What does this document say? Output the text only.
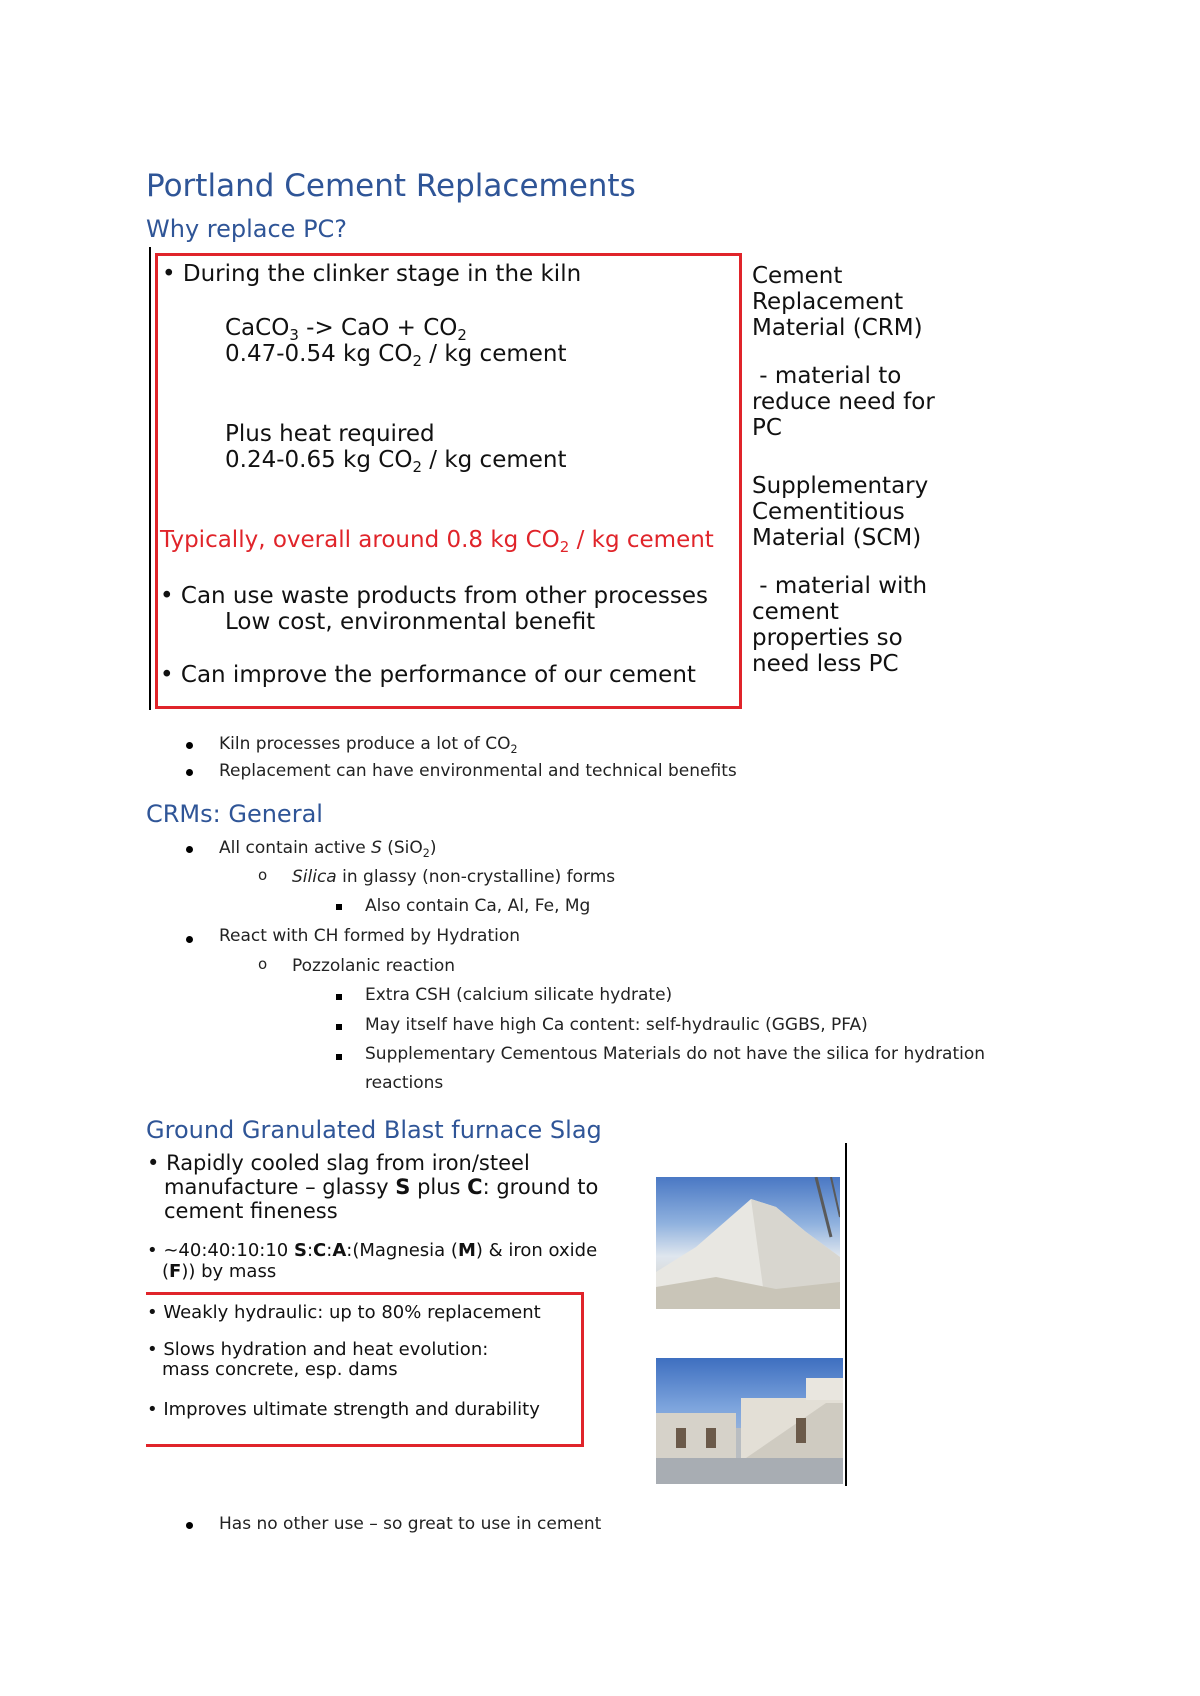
Portland Cement Replacements
Why replace PC?
• During the clinker stage in the kiln
CaCO$_3$ -> CaO + $CO_2$
0.47-0.54 kg $CO_2$ / kg cement
Plus heat required
0.24-0.65 kg $CO_2$ / kg cement
Typically, overall around 0.8 kg $CO_2$ / kg cement
• Can use waste products from other processes
Low cost, environmental benefit
• Can improve the performance of our cement
Cement
Replacement
Material (CRM)
- material to
reduce need for
PC
Supplementary
Cementitious
Material (SCM)
- material with
cement
properties so
need less PC
Kiln processes produce a lot of $CO_2$
Replacement can have environmental and technical benefits
CRMs: General
All contain active S (SiO$_2$)
o Silica in glassy (non-crystalline) forms
Also contain Ca, Al, Fe, Mg
React with CH formed by Hydration
o Pozzolanic reaction
Extra CSH (calcium silicate hydrate)
May itself have high Ca content: self-hydraulic (GGBS, PFA)
Supplementary Cementous Materials do not have the silica for hydration
reactions
Ground Granulated Blast furnace Slag
• Rapidly cooled slag from iron/steel
manufacture – glassy S plus C: ground to
cement fineness
• ~40:40:10:10 S:C:A:(Magnesia (M) & iron oxide
(F)) by mass
• Weakly hydraulic: up to 80% replacement
• Slows hydration and heat evolution:
mass concrete, esp. dams
• Improves ultimate strength and durability
Has no other use – so great to use in cement
